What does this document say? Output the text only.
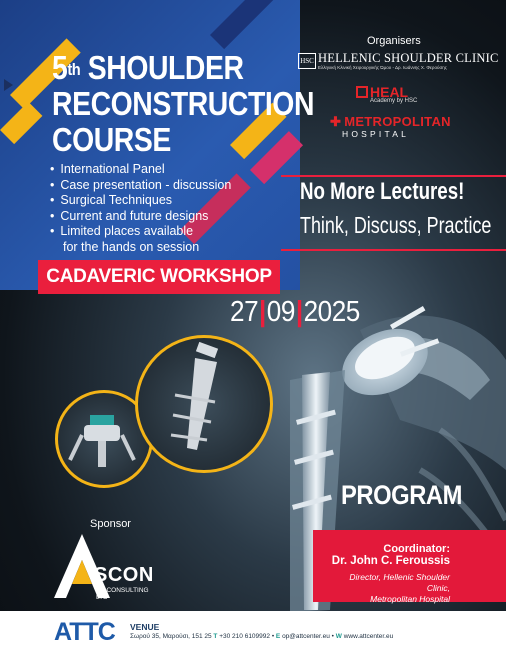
5th SHOULDER
RECONSTRUCTION
COURSE
• International Panel
• Case presentation - discussion
• Surgical Techniques
• Current and future designs
• Limited places available
for the hands on session
CADAVERIC WORKSHOP
Organisers
HSC HELLENIC SHOULDER CLINIC
Ελληνική Κλινική Χειρουργικής Ώμου - Δρ. Ιωάννης Χ. Φερούσης
HEAL
Academy by HSC
✚ METROPOLITAN
HOSPITAL
No More Lectures!
Think, Discuss, Practice
27|09|2025
PROGRAM
Coordinator:
Dr. John C. Feroussis
Director, Hellenic Shoulder Clinic,
Metropolitan Hospital
Sponsor
SCON
AS CONSULTING LTD
ATTC VENUE
Σωρού 35, Μαρούσι, 151 25 T +30 210 6109992 • E op@attcenter.eu • W www.attcenter.eu
